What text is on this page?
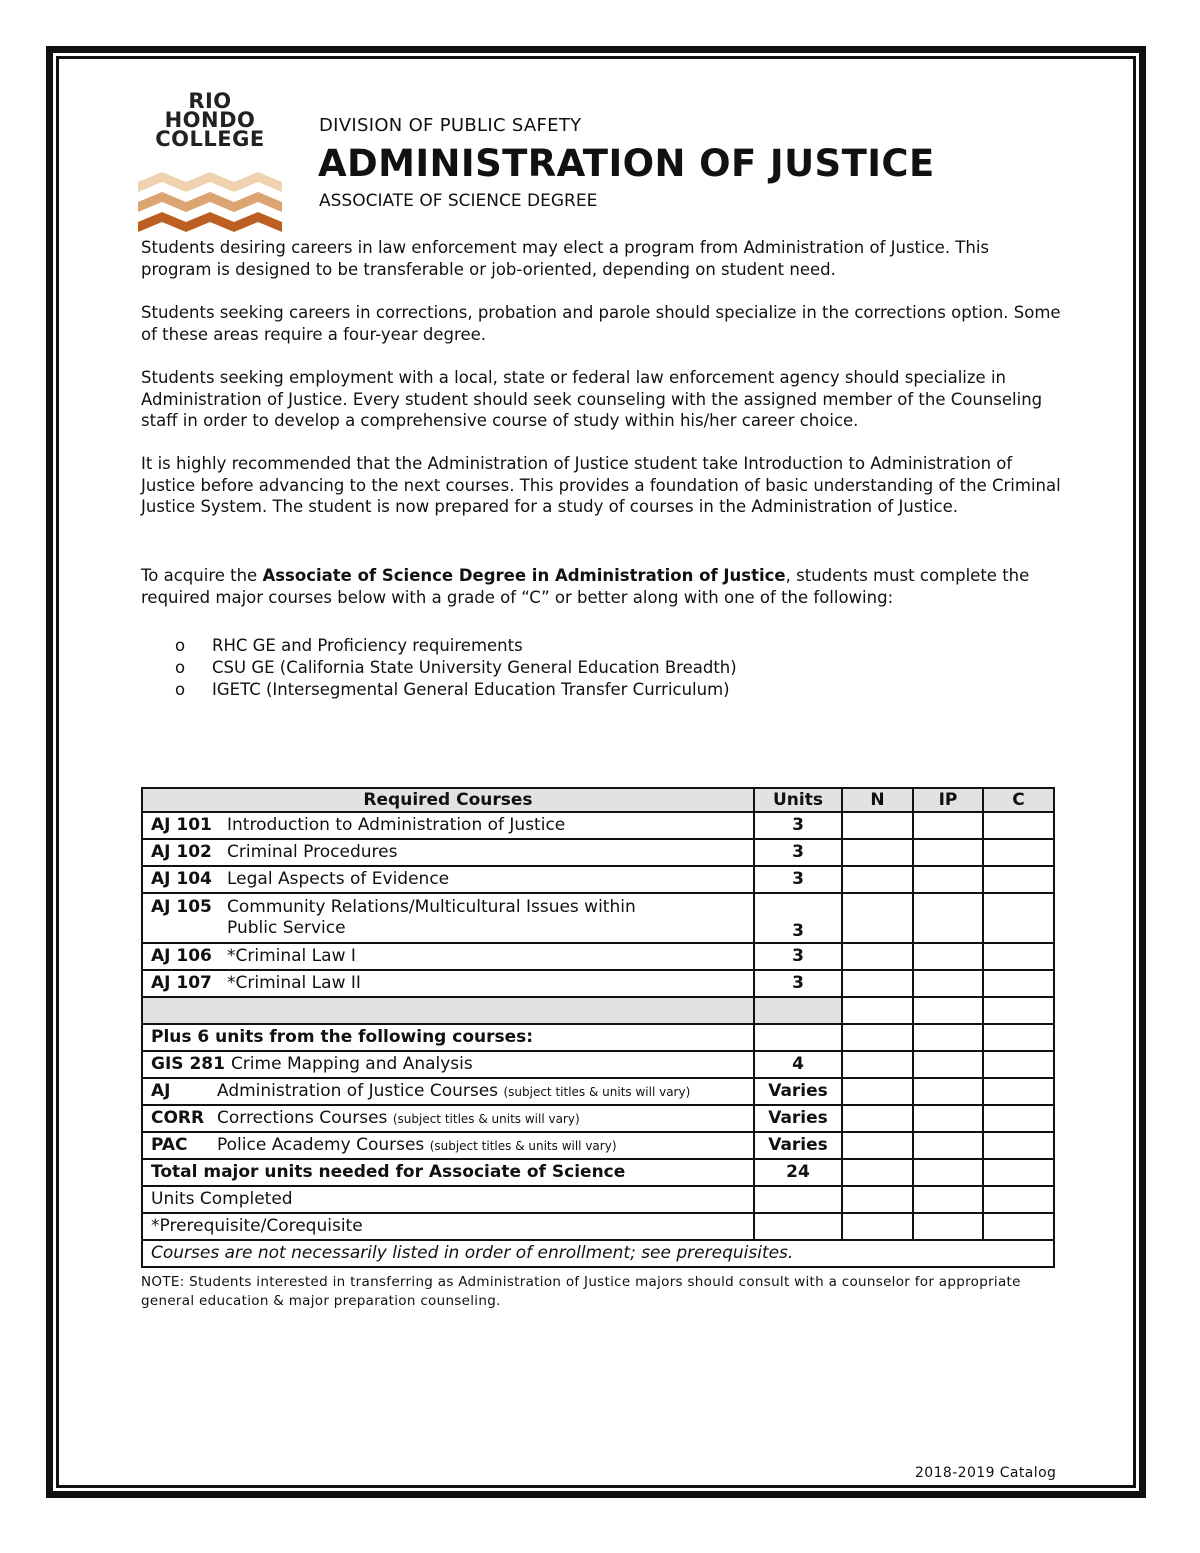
RIO
HONDO
COLLEGE
DIVISION OF PUBLIC SAFETY
ADMINISTRATION OF JUSTICE
ASSOCIATE OF SCIENCE DEGREE
Students desiring careers in law enforcement may elect a program from Administration of Justice. This program is designed to be transferable or job-oriented, depending on student need.
Students seeking careers in corrections, probation and parole should specialize in the corrections option. Some of these areas require a four-year degree.
Students seeking employment with a local, state or federal law enforcement agency should specialize in Administration of Justice. Every student should seek counseling with the assigned member of the Counseling staff in order to develop a comprehensive course of study within his/her career choice.
It is highly recommended that the Administration of Justice student take Introduction to Administration of Justice before advancing to the next courses. This provides a foundation of basic understanding of the Criminal Justice System. The student is now prepared for a study of courses in the Administration of Justice.
To acquire the Associate of Science Degree in Administration of Justice, students must complete the required major courses below with a grade of “C” or better along with one of the following:
o RHC GE and Proficiency requirements
o CSU GE (California State University General Education Breadth)
o IGETC (Intersegmental General Education Transfer Curriculum)
Required Courses	Units	N	IP	C
AJ 101 Introduction to Administration of Justice	3			
AJ 102 Criminal Procedures	3			
AJ 104 Legal Aspects of Evidence	3			
AJ 105 Community Relations/Multicultural Issues within
Public Service	3			
AJ 106 *Criminal Law I	3			
AJ 107 *Criminal Law II	3			

Plus 6 units from the following courses:				
GIS 281 Crime Mapping and Analysis	4			
AJ Administration of Justice Courses (subject titles & units will vary)	Varies			
CORR Corrections Courses (subject titles & units will vary)	Varies			
PAC Police Academy Courses (subject titles & units will vary)	Varies			
Total major units needed for Associate of Science	24			
Units Completed				
*Prerequisite/Corequisite				
Courses are not necessarily listed in order of enrollment; see prerequisites.				
NOTE: Students interested in transferring as Administration of Justice majors should consult with a counselor for appropriate general education & major preparation counseling.
2018-2019 Catalog
